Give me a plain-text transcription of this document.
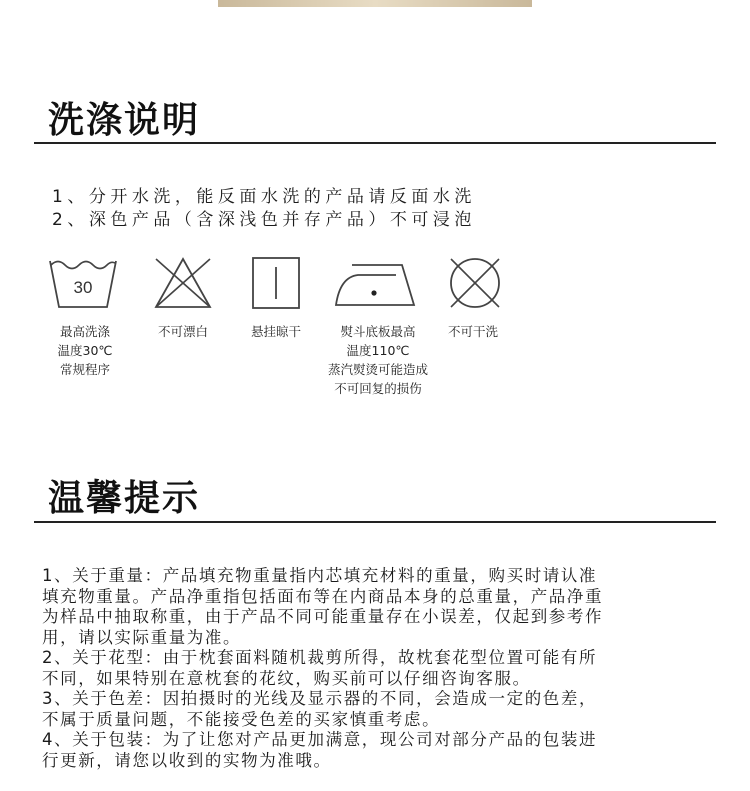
洗涤说明
1、分开水洗，能反面水洗的产品请反面水洗
2、深色产品（含深浅色并存产品）不可浸泡
30
最高洗涤
温度30℃
常规程序
不可漂白	悬挂晾干	熨斗底板最高
温度110℃
蒸汽熨烫可能造成
不可回复的损伤
不可干洗
温馨提示
1、关于重量：产品填充物重量指内芯填充材料的重量，购买时请认准
填充物重量。产品净重指包括面布等在内商品本身的总重量，产品净重
为样品中抽取称重，由于产品不同可能重量存在小误差，仅起到参考作
用，请以实际重量为准。
2、关于花型：由于枕套面料随机裁剪所得，故枕套花型位置可能有所
不同，如果特别在意枕套的花纹，购买前可以仔细咨询客服。
3、关于色差：因拍摄时的光线及显示器的不同，会造成一定的色差，
不属于质量问题，不能接受色差的买家慎重考虑。
4、关于包装：为了让您对产品更加满意，现公司对部分产品的包装进
行更新，请您以收到的实物为准哦。
